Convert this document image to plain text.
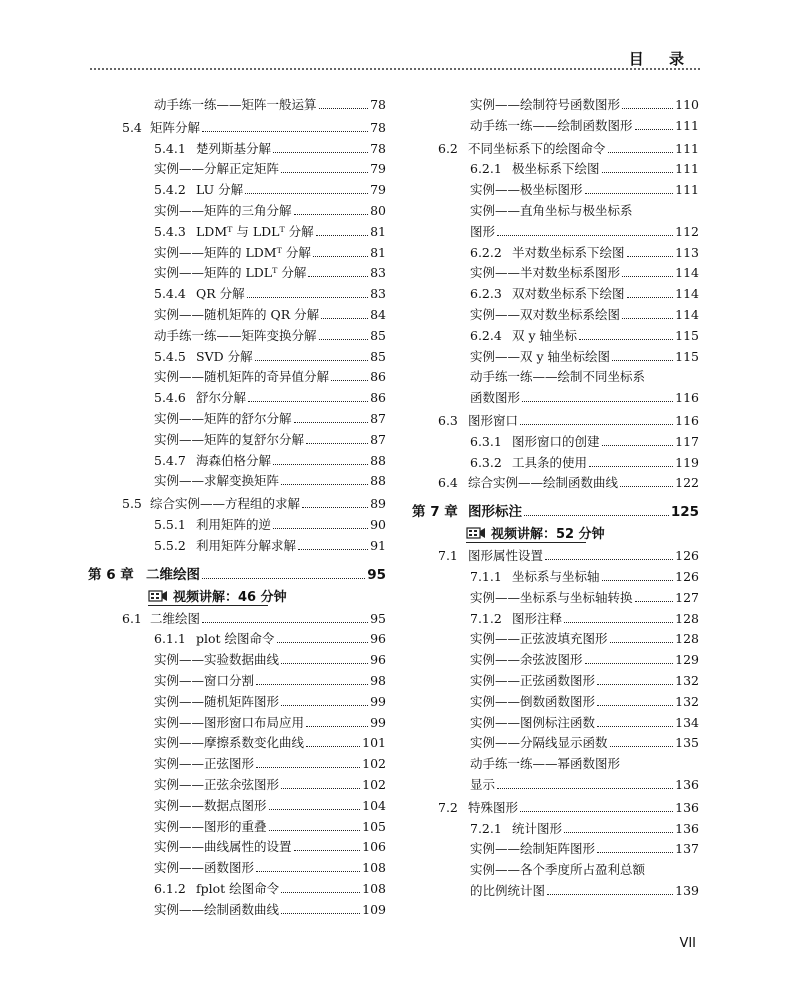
目 录
动手练一练——矩阵一般运算	78
5.4 矩阵分解	78
5.4.1 楚列斯基分解	78
实例——分解正定矩阵	79
5.4.2 LU 分解	79
实例——矩阵的三角分解	80
5.4.3 LDMᵀ 与 LDLᵀ 分解	81
实例——矩阵的 LDMᵀ 分解	81
实例——矩阵的 LDLᵀ 分解	83
5.4.4 QR 分解	83
实例——随机矩阵的 QR 分解	84
动手练一练——矩阵变换分解	85
5.4.5 SVD 分解	85
实例——随机矩阵的奇异值分解	86
5.4.6 舒尔分解	86
实例——矩阵的舒尔分解	87
实例——矩阵的复舒尔分解	87
5.4.7 海森伯格分解	88
实例——求解变换矩阵	88
5.5 综合实例——方程组的求解	89
5.5.1 利用矩阵的逆	90
5.5.2 利用矩阵分解求解	91
第 6 章 二维绘图	95
视频讲解：46 分钟
6.1 二维绘图	95
6.1.1 plot 绘图命令	96
实例——实验数据曲线	96
实例——窗口分割	98
实例——随机矩阵图形	99
实例——图形窗口布局应用	99
实例——摩擦系数变化曲线	101
实例——正弦图形	102
实例——正弦余弦图形	102
实例——数据点图形	104
实例——图形的重叠	105
实例——曲线属性的设置	106
实例——函数图形	108
6.1.2 fplot 绘图命令	108
实例——绘制函数曲线	109
实例——绘制符号函数图形	110
动手练一练——绘制函数图形	111
6.2 不同坐标系下的绘图命令	111
6.2.1 极坐标系下绘图	111
实例——极坐标图形	111
实例——直角坐标与极坐标系
图形	112
6.2.2 半对数坐标系下绘图	113
实例——半对数坐标系图形	114
6.2.3 双对数坐标系下绘图	114
实例——双对数坐标系绘图	114
6.2.4 双 y 轴坐标	115
实例——双 y 轴坐标绘图	115
动手练一练——绘制不同坐标系
函数图形	116
6.3 图形窗口	116
6.3.1 图形窗口的创建	117
6.3.2 工具条的使用	119
6.4 综合实例——绘制函数曲线	122
第 7 章 图形标注	125
视频讲解：52 分钟
7.1 图形属性设置	126
7.1.1 坐标系与坐标轴	126
实例——坐标系与坐标轴转换	127
7.1.2 图形注释	128
实例——正弦波填充图形	128
实例——余弦波图形	129
实例——正弦函数图形	132
实例——倒数函数图形	132
实例——图例标注函数	134
实例——分隔线显示函数	135
动手练一练——幂函数图形
显示	136
7.2 特殊图形	136
7.2.1 统计图形	136
实例——绘制矩阵图形	137
实例——各个季度所占盈利总额
的比例统计图	139
VII
